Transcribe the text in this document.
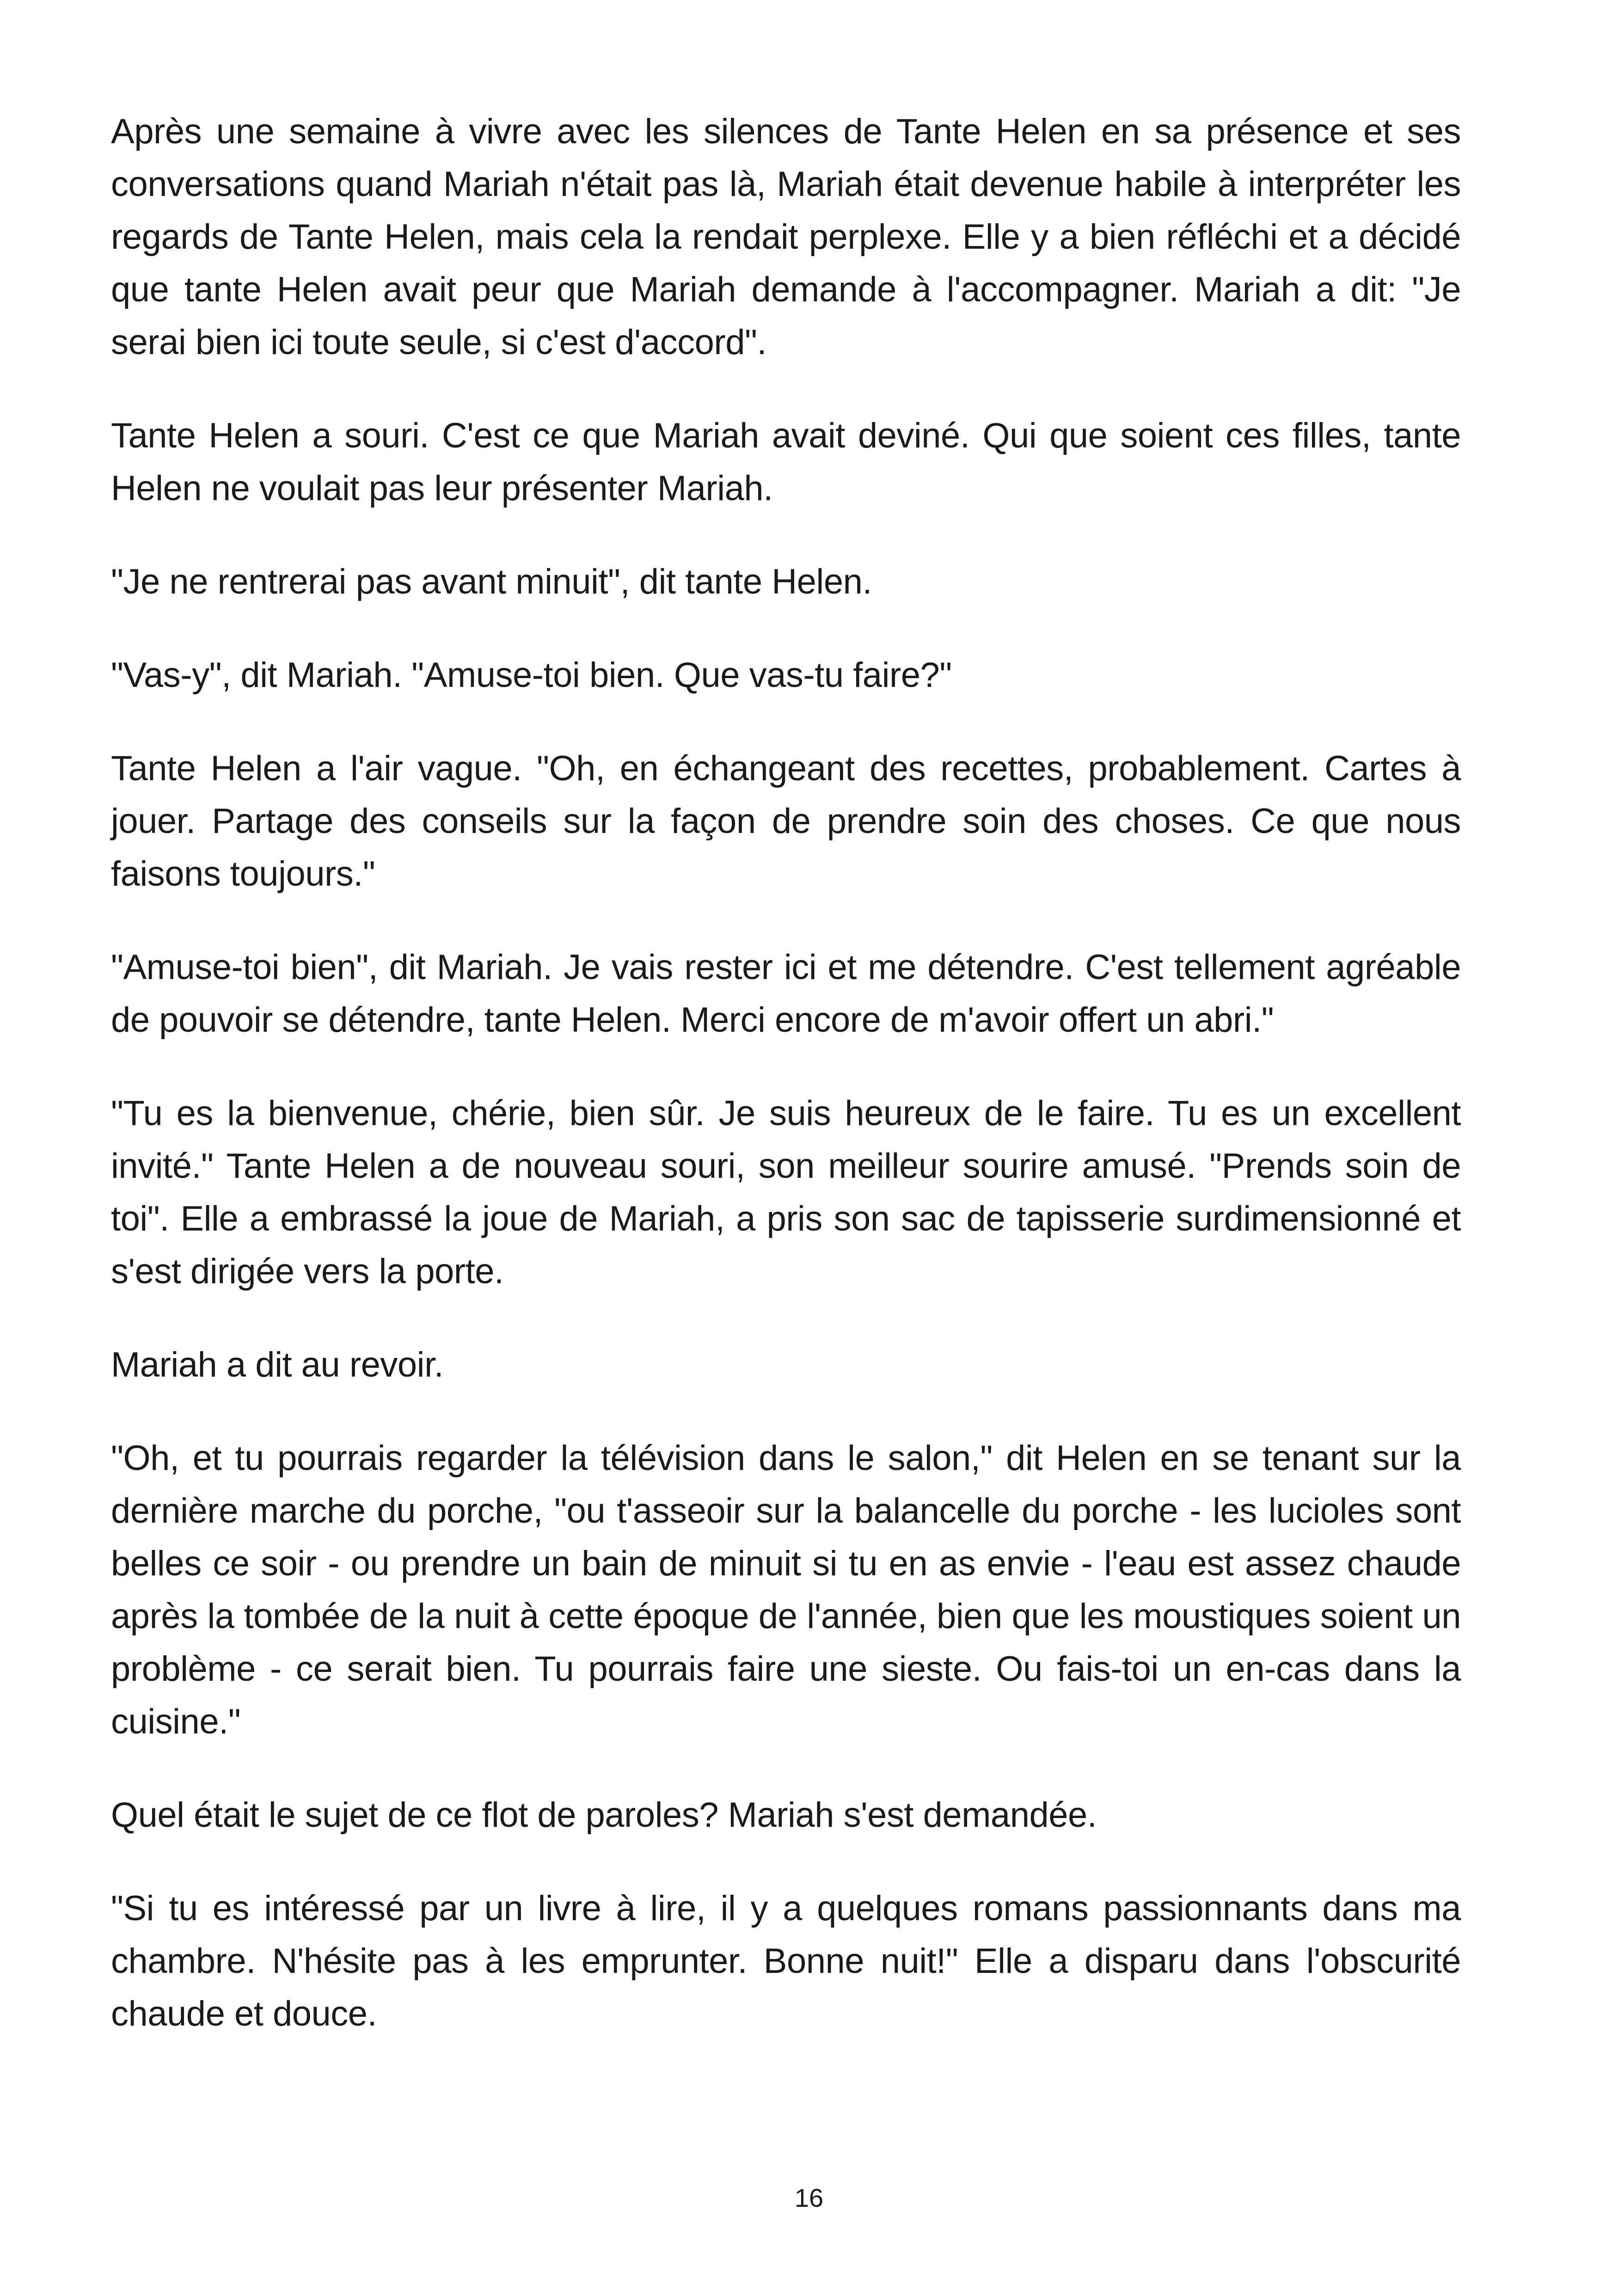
Après une semaine à vivre avec les silences de Tante Helen en sa présence et ses conversations quand Mariah n'était pas là, Mariah était devenue habile à interpréter les regards de Tante Helen, mais cela la rendait perplexe. Elle y a bien réfléchi et a décidé que tante Helen avait peur que Mariah demande à l'accompagner. Mariah a dit: "Je serai bien ici toute seule, si c'est d'accord".

Tante Helen a souri. C'est ce que Mariah avait deviné. Qui que soient ces filles, tante Helen ne voulait pas leur présenter Mariah.

"Je ne rentrerai pas avant minuit", dit tante Helen.

"Vas-y", dit Mariah. "Amuse-toi bien. Que vas-tu faire?"

Tante Helen a l'air vague. "Oh, en échangeant des recettes, probablement. Cartes à jouer. Partage des conseils sur la façon de prendre soin des choses. Ce que nous faisons toujours."

"Amuse-toi bien", dit Mariah. Je vais rester ici et me détendre. C'est tellement agréable de pouvoir se détendre, tante Helen. Merci encore de m'avoir offert un abri."

"Tu es la bienvenue, chérie, bien sûr. Je suis heureux de le faire. Tu es un excellent invité." Tante Helen a de nouveau souri, son meilleur sourire amusé. "Prends soin de toi". Elle a embrassé la joue de Mariah, a pris son sac de tapisserie surdimensionné et s'est dirigée vers la porte.

Mariah a dit au revoir.

"Oh, et tu pourrais regarder la télévision dans le salon," dit Helen en se tenant sur la dernière marche du porche, "ou t'asseoir sur la balancelle du porche - les lucioles sont belles ce soir - ou prendre un bain de minuit si tu en as envie - l'eau est assez chaude après la tombée de la nuit à cette époque de l'année, bien que les moustiques soient un problème - ce serait bien. Tu pourrais faire une sieste. Ou fais-toi un en-cas dans la cuisine."

Quel était le sujet de ce flot de paroles? Mariah s'est demandée.

"Si tu es intéressé par un livre à lire, il y a quelques romans passionnants dans ma chambre. N'hésite pas à les emprunter. Bonne nuit!" Elle a disparu dans l'obscurité chaude et douce.

16
